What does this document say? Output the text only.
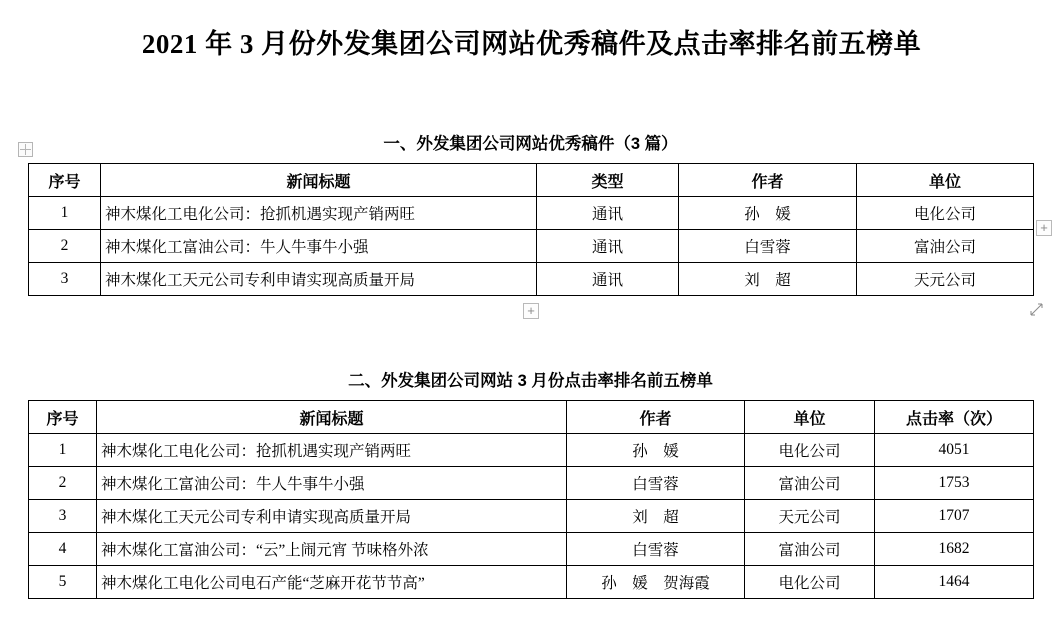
2021 年 3 月份外发集团公司网站优秀稿件及点击率排名前五榜单
一、外发集团公司网站优秀稿件（3 篇）
序号	新闻标题	类型	作者	单位
1	神木煤化工电化公司：抢抓机遇实现产销两旺	通讯	孙　媛	电化公司
2	神木煤化工富油公司：牛人牛事牛小强	通讯	白雪蓉	富油公司
3	神木煤化工天元公司专利申请实现高质量开局	通讯	刘　超	天元公司
+
+
二、外发集团公司网站 3 月份点击率排名前五榜单
序号	新闻标题	作者	单位	点击率（次）
1	神木煤化工电化公司：抢抓机遇实现产销两旺	孙　媛	电化公司	4051
2	神木煤化工富油公司：牛人牛事牛小强	白雪蓉	富油公司	1753
3	神木煤化工天元公司专利申请实现高质量开局	刘　超	天元公司	1707
4	神木煤化工富油公司：“云”上闹元宵 节味格外浓	白雪蓉	富油公司	1682
5	神木煤化工电化公司电石产能“芝麻开花节节高”	孙　媛　贺海霞	电化公司	1464
